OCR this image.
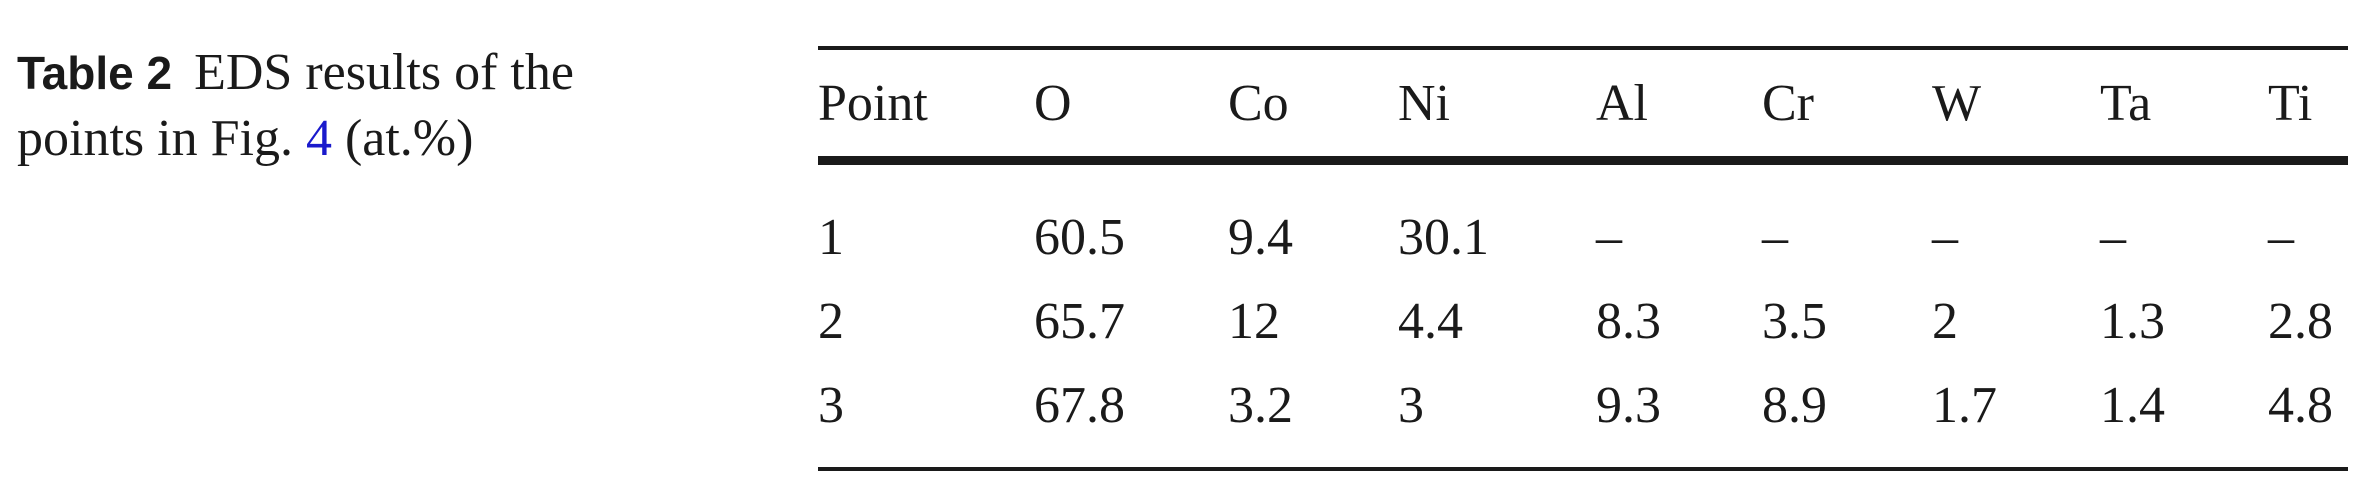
Table 2 EDS results of the points in Fig. 4 (at.%)
Point	O	Co	Ni	Al	Cr	W	Ta	Ti
1	60.5	9.4	30.1	–	–	–	–	–
2	65.7	12	4.4	8.3	3.5	2	1.3	2.8
3	67.8	3.2	3	9.3	8.9	1.7	1.4	4.8
